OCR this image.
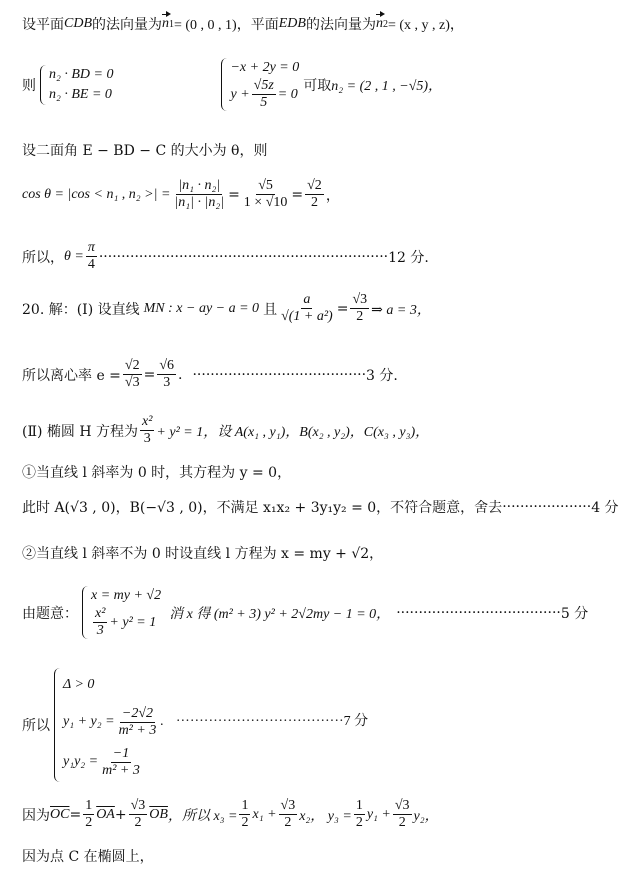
设平面 CDB 的法向量为 n 1 = (0 , 0 , 1)，平面 EDB 的法向量为 n 2 = (x , y , z)，
则
n₂ · BD = 0
n₂ · BE = 0
−x + 2y = 0
$y + \frac{√5z}{5} = 0$
可取 n₂ = (2 , 1 , −√5)，
设二面角 E − BD − C 的大小为 θ，则
cos θ = |cos < n₁ , n₂ >| = $\frac{\text{|n₁ · n₂|}}{\text{|n₁| · |n₂|}} = \frac{√5}{1 \times √10} = \frac{√2}{2}$ ，
所以， $\theta = \frac{\pi}{4}$ ································································· 12 分.
20. 解：(Ⅰ) 设直线 MN : x − ay − a = 0 且 $\frac{a}{\text{√(1 + a²)}} = \frac{√3}{2}$ ⇒ a = 3，
所以离心率 $e = \frac{√2}{√3} = \frac{√6}{3}$ . ······································· 3 分.
(Ⅱ) 椭圆 H 方程为 $\frac{\text{x²}}{3} + y^2 = 1$，设 A(x₁ , y₁)，B(x₂ , y₂)，C(x₃ , y₃)，
①当直线 l 斜率为 0 时，其方程为 y = 0，
此时 A(√3 , 0)，B(−√3 , 0)，不满足 x₁x₂ + 3y₁y₂ = 0，不符合题意，舍去 ···················· 4 分
②当直线 l 斜率不为 0 时设直线 l 方程为 x = my + √2，
由题意：
x = my + √2
$\frac{\text{x²}}{3} + y^2 = 1$
消 x 得 (m² + 3) y² + 2√2my − 1 = 0， ····································· 5 分
所以
Δ > 0
$y_1 + y_2 = \frac{-2√2}{\text{m² + 3}}$ . ···································· 7 分
$y_1y_2 = \frac{-1}{\text{m² + 3}}$
因为 $\overline{OC} = \frac{1}{2} \overline{OA} + \frac{√3}{2} \overline{OB}$ ，所以 $x_3 = \frac{1}{2} x_1 + \frac{√3}{2} x_2$， $y_3 = \frac{1}{2} y_1 + \frac{√3}{2} y_2$，
因为点 C 在椭圆上，
